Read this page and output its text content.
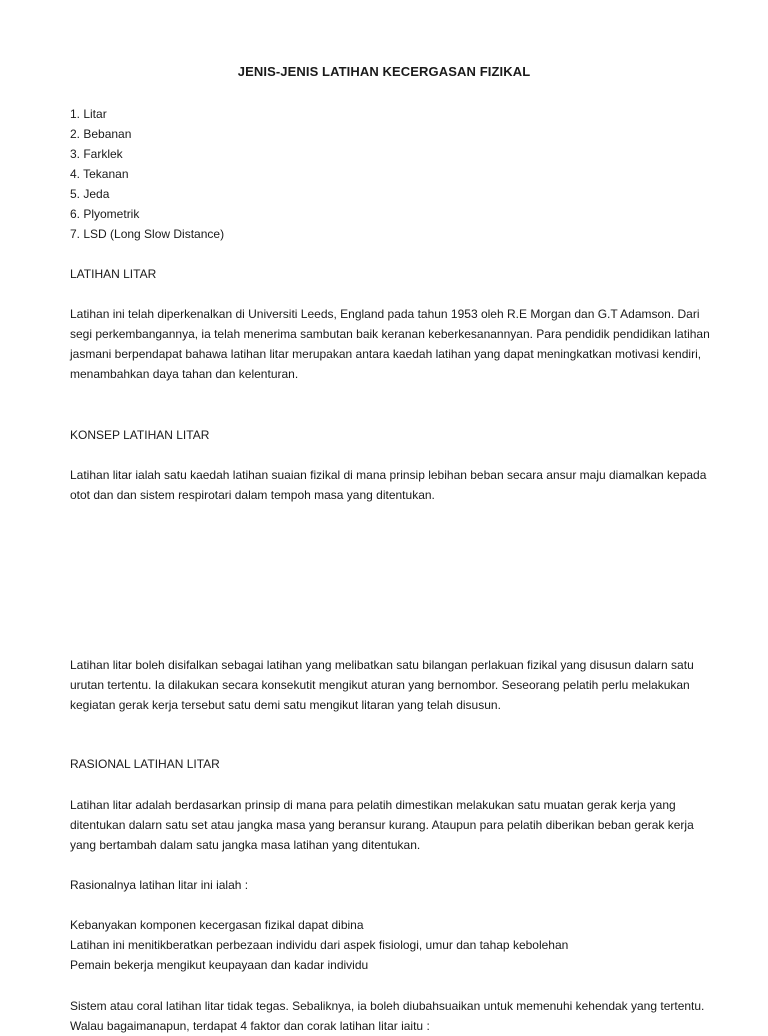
JENIS-JENIS LATIHAN KECERGASAN FIZIKAL
1. Litar
2. Bebanan
3. Farklek
4. Tekanan
5. Jeda
6. Plyometrik
7. LSD (Long Slow Distance)
LATIHAN LITAR
Latihan ini telah diperkenalkan di Universiti Leeds, England pada tahun 1953 oleh R.E Morgan dan G.T Adamson. Dari
segi perkembangannya, ia telah menerima sambutan baik keranan keberkesanannyan. Para pendidik pendidikan latihan
jasmani berpendapat bahawa latihan litar merupakan antara kaedah latihan yang dapat meningkatkan motivasi kendiri,
menambahkan daya tahan dan kelenturan.
KONSEP LATIHAN LITAR
Latihan litar ialah satu kaedah latihan suaian fizikal di mana prinsip lebihan beban secara ansur maju diamalkan kepada
otot dan dan sistem respirotari dalam tempoh masa yang ditentukan.
Latihan litar boleh disifalkan sebagai latihan yang melibatkan satu bilangan perlakuan fizikal yang disusun dalarn satu
urutan tertentu. Ia dilakukan secara konsekutit mengikut aturan yang bernombor. Seseorang pelatih perlu melakukan
kegiatan gerak kerja tersebut satu demi satu mengikut litaran yang telah disusun.
RASIONAL LATIHAN LITAR
Latihan litar adalah berdasarkan prinsip di mana para pelatih dimestikan melakukan satu muatan gerak kerja yang
ditentukan dalarn satu set atau jangka masa yang beransur kurang. Ataupun para pelatih diberikan beban gerak kerja
yang bertambah dalam satu jangka masa latihan yang ditentukan.
Rasionalnya latihan litar ini ialah :
Kebanyakan komponen kecergasan fizikal dapat dibina
Latihan ini menitikberatkan perbezaan individu dari aspek fisiologi, umur dan tahap kebolehan
Pemain bekerja mengikut keupayaan dan kadar individu
Sistem atau coral latihan litar tidak tegas. Sebaliknya, ia boleh diubahsuaikan untuk memenuhi kehendak yang tertentu.
Walau bagaimanapun, terdapat 4 faktor dan corak latihan litar iaitu :
